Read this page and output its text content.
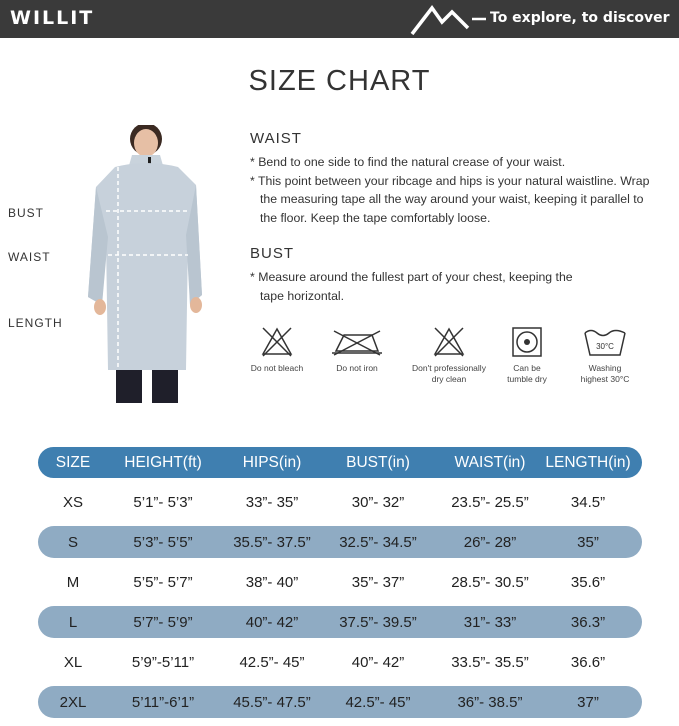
WILLIT	To explore, to discover
SIZE CHART
BUST
WAIST
LENGTH
WAIST

* Bend to one side to find the natural crease of your waist.

* This point between your ribcage and hips is your natural waistline. Wrap the measuring tape all the way around your waist, keeping it parallel to the floor. Keep the tape comfortably loose.

BUST

* Measure around the fullest part of your chest, keeping the tape horizontal.

Do not bleach	Do not iron	Don't professionally
dry clean
Can be
tumble dry
30°C
Washing
highest 30°C
SIZE	HEIGHT(ft)	HIPS(in)	BUST(in)	WAIST(in)	LENGTH(in)
XS	5’1”- 5’3”	33”- 35”	30”- 32”	23.5”- 25.5”	34.5”
S	5’3”- 5’5”	35.5”- 37.5”	32.5”- 34.5”	26”- 28”	35”
M	5’5”- 5’7”	38”- 40”	35”- 37”	28.5”- 30.5”	35.6”
L	5’7”- 5’9”	40”- 42”	37.5”- 39.5”	31”- 33”	36.3”
XL	5’9”-5’11”	42.5”- 45”	40”- 42”	33.5”- 35.5”	36.6”
2XL	5’11”-6’1”	45.5”- 47.5”	42.5”- 45”	36”- 38.5”	37”
